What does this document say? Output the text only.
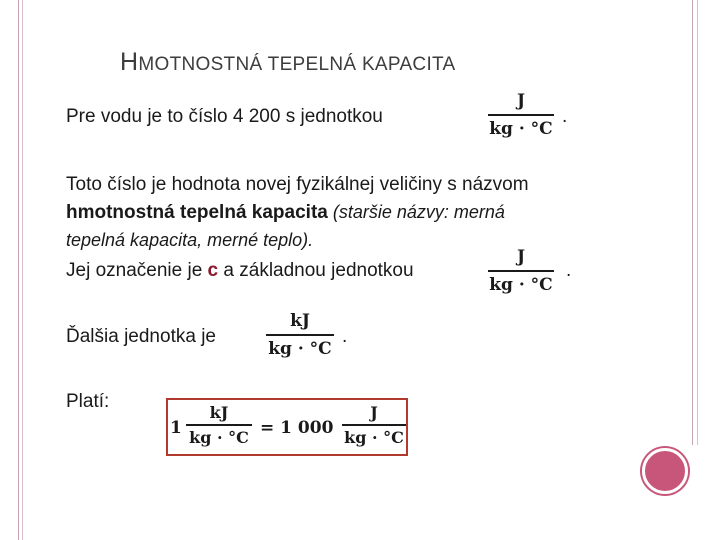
HMOTNOSTNÁ TEPELNÁ KAPACITA
Pre vodu je to číslo 4 200 s jednotkou
J
kg · °C
.
Toto číslo je hodnota novej fyzikálnej veličiny s názvom
hmotnostná tepelná kapacita (staršie názvy: merná
tepelná kapacita, merné teplo).
Jej označenie je c a základnou jednotkou
J
kg · °C
.
Ďalšia jednotka je
kJ
kg · °C
.
Platí:
1
kJ
kg · °C = 1 000
J
kg · °C
